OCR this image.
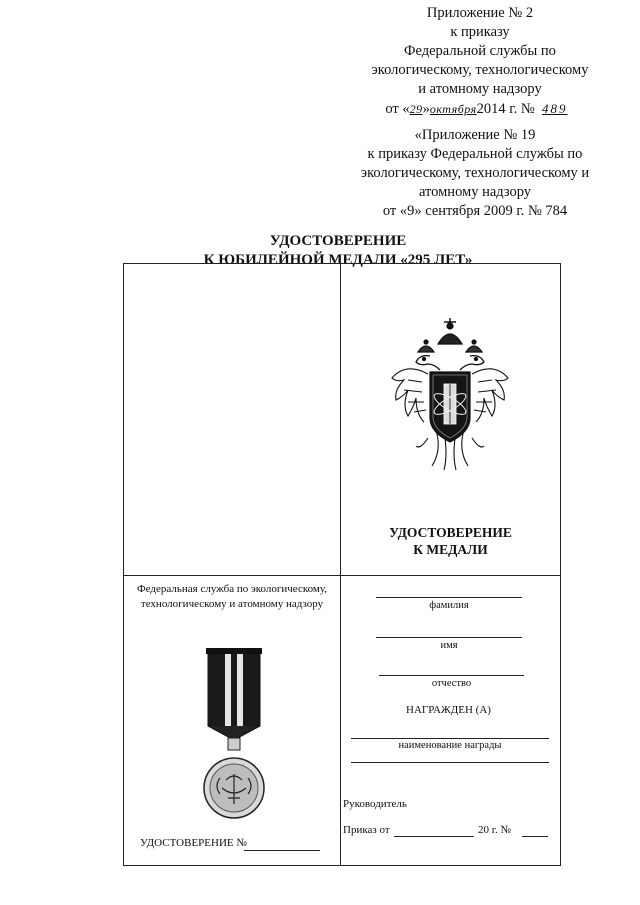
Приложение № 2
к приказу
Федеральной службы по
экологическому, технологическому
и атомному надзору
от «29»октября2014 г. № 489
«Приложение № 19
к приказу Федеральной службы по
экологическому, технологическому и
атомному надзору
от «9» сентября 2009 г. № 784
УДОСТОВЕРЕНИЕ
К ЮБИЛЕЙНОЙ МЕДАЛИ «295 ЛЕТ»
УДОСТОВЕРЕНИЕ
К МЕДАЛИ
Федеральная служба по экологическому,
технологическому и атомному надзору
УДОСТОВЕРЕНИЕ №
фамилия
имя
отчество
НАГРАЖДЕН (А)
наименование награды
Руководитель
Приказ от	20 г. №
